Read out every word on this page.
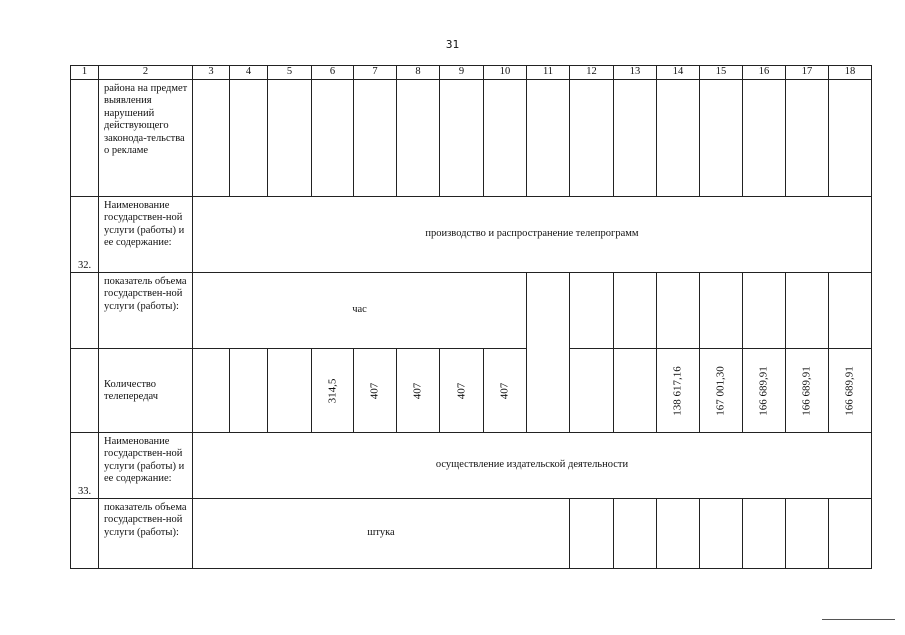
31
1	2	3	4	5	6	7	8	9	10	11	12	13	14	15	16	17	18
	района на предмет выявления нарушений действующего законода-тельства о рекламе																
32.	Наименование государствен-ной услуги (работы) и ее содержание:	производство и распространение телепрограмм															
	показатель объема государствен-ной услуги (работы):	час															
	Количество телепередач				314,5	407	407	407	407				138 617,16	167 001,30	166 689,91	166 689,91	166 689,91

33.	Наименование государствен-ной услуги (работы) и ее содержание:	осуществление издательской деятельности															
	показатель объема государствен-ной услуги (работы):	штука															
